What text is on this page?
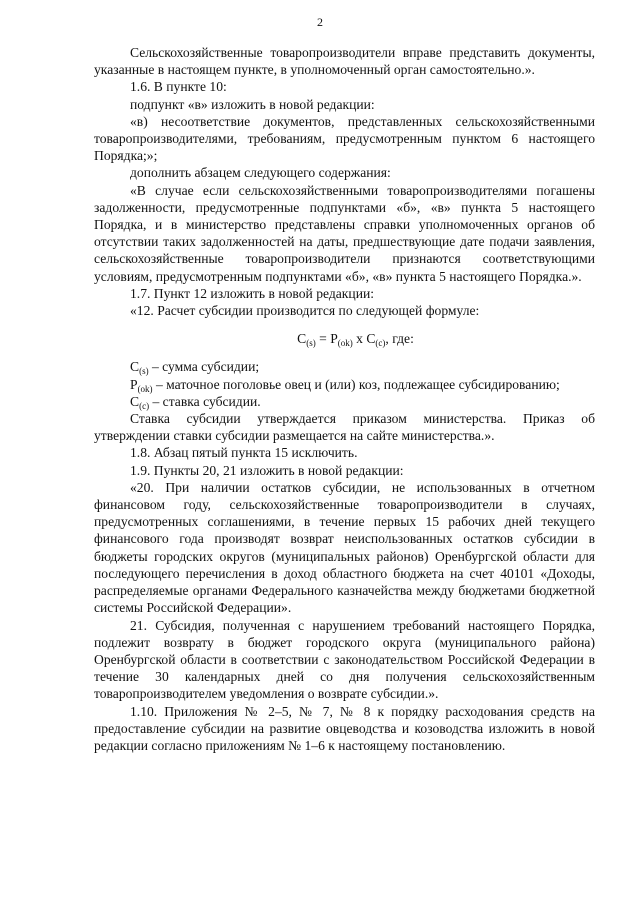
2

Сельскохозяйственные товаропроизводители вправе представить документы, указанные в настоящем пункте, в уполномоченный орган самостоятельно.».

1.6. В пункте 10:

подпункт «в» изложить в новой редакции:

«в) несоответствие документов, представленных сельскохозяйственными товаропроизводителями, требованиям, предусмотренным пунктом 6 настоящего Порядка;»;

дополнить абзацем следующего содержания:

«В случае если сельскохозяйственными товаропроизводителями погашены задолженности, предусмотренные подпунктами «б», «в» пункта 5 настоящего Порядка, и в министерство представлены справки уполномоченных органов об отсутствии таких задолженностей на даты, предшествующие дате подачи заявления, сельскохозяйственные товаропроизводители признаются соответствующими условиям, предусмотренным подпунктами «б», «в» пункта 5 настоящего Порядка.».

1.7. Пункт 12 изложить в новой редакции:

«12. Расчет субсидии производится по следующей формуле:

$С_{(s)} = Р_{(ok)}$ х $С_{(c)}$, где:

$С_{(s)}$ – сумма субсидии;

$Р_{(ok)}$ – маточное поголовье овец и (или) коз, подлежащее субсидированию;

$С_{(c)}$ – ставка субсидии.

Ставка субсидии утверждается приказом министерства. Приказ об утверждении ставки субсидии размещается на сайте министерства.».

1.8. Абзац пятый пункта 15 исключить.

1.9. Пункты 20, 21 изложить в новой редакции:

«20. При наличии остатков субсидии, не использованных в отчетном финансовом году, сельскохозяйственные товаропроизводители в случаях, предусмотренных соглашениями, в течение первых 15 рабочих дней текущего финансового года производят возврат неиспользованных остатков субсидии в бюджеты городских округов (муниципальных районов) Оренбургской области для последующего перечисления в доход областного бюджета на счет 40101 «Доходы, распределяемые органами Федерального казначейства между бюджетами бюджетной системы Российской Федерации».

21. Субсидия, полученная с нарушением требований настоящего Порядка, подлежит возврату в бюджет городского округа (муниципального района) Оренбургской области в соответствии с законодательством Российской Федерации в течение 30 календарных дней со дня получения сельскохозяйственным товаропроизводителем уведомления о возврате субсидии.».

1.10. Приложения № 2–5, № 7, № 8 к порядку расходования средств на предоставление субсидии на развитие овцеводства и козоводства изложить в новой редакции согласно приложениям № 1–6 к настоящему постановлению.
